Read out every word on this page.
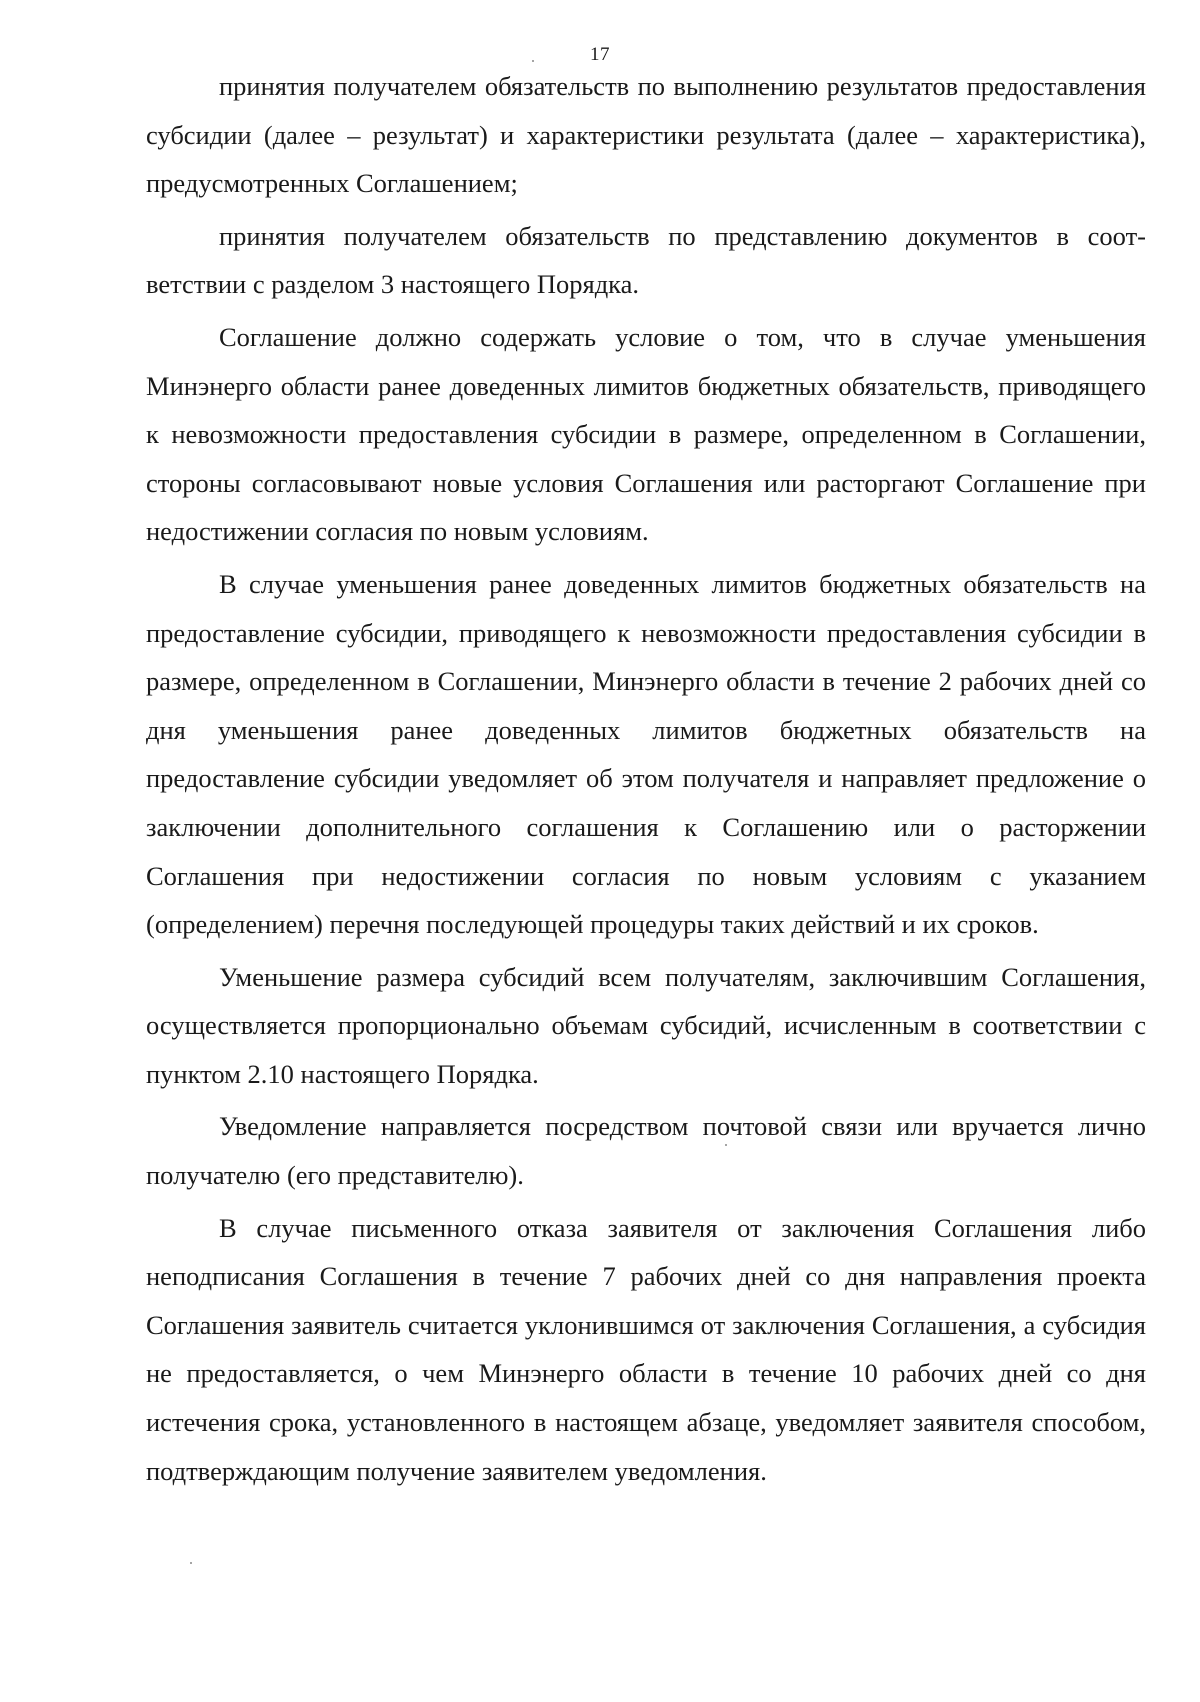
17

принятия получателем обязательств по выполнению результатов предоставления субсидии (далее – результат) и характеристики результата (далее – характеристика), предусмотренных Соглашением;

принятия получателем обязательств по представлению документов в соответствии с разделом 3 настоящего Порядка.

Соглашение должно содержать условие о том, что в случае уменьшения Минэнерго области ранее доведенных лимитов бюджетных обязательств, приводящего к невозможности предоставления субсидии в размере, определенном в Соглашении, стороны согласовывают новые условия Соглашения или расторгают Соглашение при недостижении согласия по новым условиям.

В случае уменьшения ранее доведенных лимитов бюджетных обязательств на предоставление субсидии, приводящего к невозможности предоставления субсидии в размере, определенном в Соглашении, Минэнерго области в течение 2 рабочих дней со дня уменьшения ранее доведенных лимитов бюджетных обязательств на предоставление субсидии уведомляет об этом получателя и направляет предложение о заключении дополнительного соглашения к Соглашению или о расторжении Соглашения при недостижении согласия по новым условиям с указанием (определением) перечня последующей процедуры таких действий и их сроков.

Уменьшение размера субсидий всем получателям, заключившим Соглашения, осуществляется пропорционально объемам субсидий, исчисленным в соответствии с пунктом 2.10 настоящего Порядка.

Уведомление направляется посредством почтовой связи или вручается лично получателю (его представителю).

В случае письменного отказа заявителя от заключения Соглашения либо неподписания Соглашения в течение 7 рабочих дней со дня направления проекта Соглашения заявитель считается уклонившимся от заключения Соглашения, а субсидия не предоставляется, о чем Минэнерго области в течение 10 рабочих дней со дня истечения срока, установленного в настоящем абзаце, уведомляет заявителя способом, подтверждающим получение заявителем уведомления.
